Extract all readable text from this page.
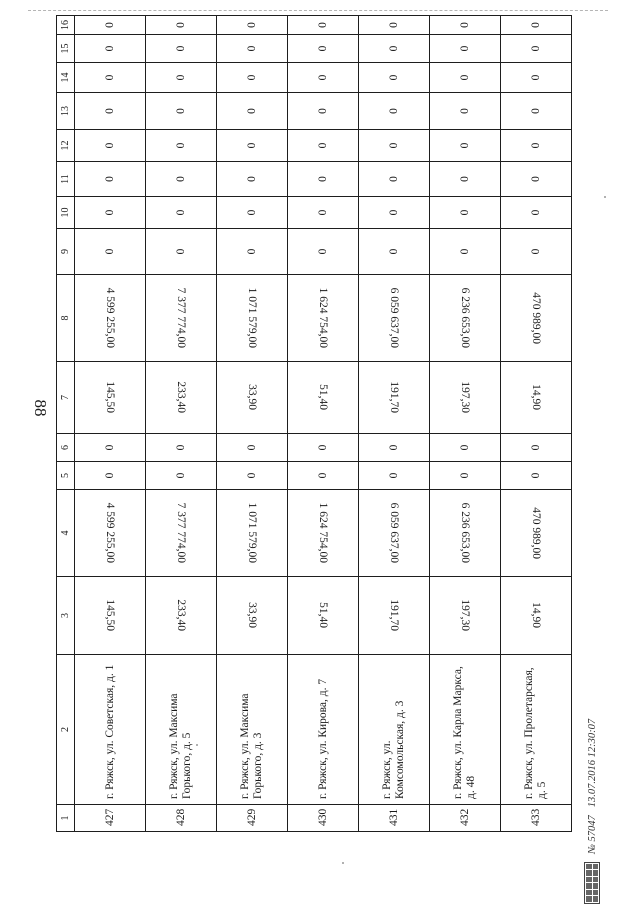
88
1	2	3	4	5	6	7	8	9	10	11	12	13	14	15	16
427	г. Ряжск, ул. Советская, д. 1	145,50	4 599 255,00	0	0	145,50	4 599 255,00	0	0	0	0	0	0	0	0
428	г. Ряжск, ул. Максима Горького, д. 5	233,40	7 377 774,00	0	0	233,40	7 377 774,00	0	0	0	0	0	0	0	0
429	г. Ряжск, ул. Максима Горького, д. 3	33,90	1 071 579,00	0	0	33,90	1 071 579,00	0	0	0	0	0	0	0	0
430	г. Ряжск, ул. Кирова, д. 7	51,40	1 624 754,00	0	0	51,40	1 624 754,00	0	0	0	0	0	0	0	0
431	г. Ряжск, ул. Комсомольская, д. 3	191,70	6 059 637,00	0	0	191,70	6 059 637,00	0	0	0	0	0	0	0	0
432	г. Ряжск, ул. Карла Маркса, д. 48	197,30	6 236 653,00	0	0	197,30	6 236 653,00	0	0	0	0	0	0	0	0
433	г. Ряжск, ул. Пролетарская, д. 5	14,90	470 989,00	0	0	14,90	470 989,00	0	0	0	0	0	0	0	0
№ 57047
13.07.2016 12:30:07
